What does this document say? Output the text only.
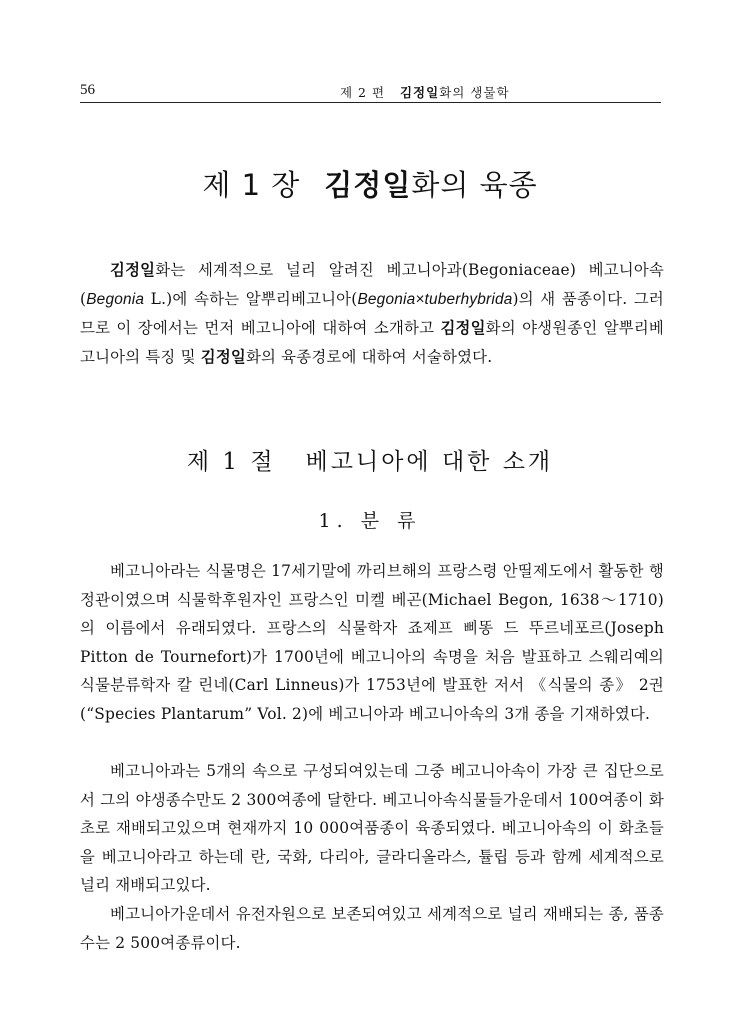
56	제 2 편 김정일화의 생물학
제 1 장 김정일화의 육종

김정일화는 세계적으로 널리 알려진 베고니아과(Begoniaceae) 베고니아속(Begonia L.)에 속하는 알뿌리베고니아(Begonia×tuberhybrida)의 새 품종이다. 그러므로 이 장에서는 먼저 베고니아에 대하여 소개하고 김정일화의 야생원종인 알뿌리베고니아의 특징 및 김정일화의 육종경로에 대하여 서술하였다.

제 1 절 베고니아에 대한 소개
1. 분 류

베고니아라는 식물명은 17세기말에 까리브해의 프랑스령 안띨제도에서 활동한 행정관이였으며 식물학후원자인 프랑스인 미켈 베곤(Michael Begon, 1638～1710)의 이름에서 유래되였다. 프랑스의 식물학자 죠제프 삐똥 드 뚜르네포르(Joseph Pitton de Tournefort)가 1700년에 베고니아의 속명을 처음 발표하고 스웨리예의 식물분류학자 칼 린네(Carl Linneus)가 1753년에 발표한 저서 《식물의 종》 2권(“Species Plantarum” Vol. 2)에 베고니아과 베고니아속의 3개 종을 기재하였다.

베고니아과는 5개의 속으로 구성되여있는데 그중 베고니아속이 가장 큰 집단으로서 그의 야생종수만도 2 300여종에 달한다. 베고니아속식물들가운데서 100여종이 화초로 재배되고있으며 현재까지 10 000여품종이 육종되였다. 베고니아속의 이 화초들을 베고니아라고 하는데 란, 국화, 다리아, 글라디올라스, 튤립 등과 함께 세계적으로 널리 재배되고있다.

베고니아가운데서 유전자원으로 보존되여있고 세계적으로 널리 재배되는 종, 품종수는 2 500여종류이다.
